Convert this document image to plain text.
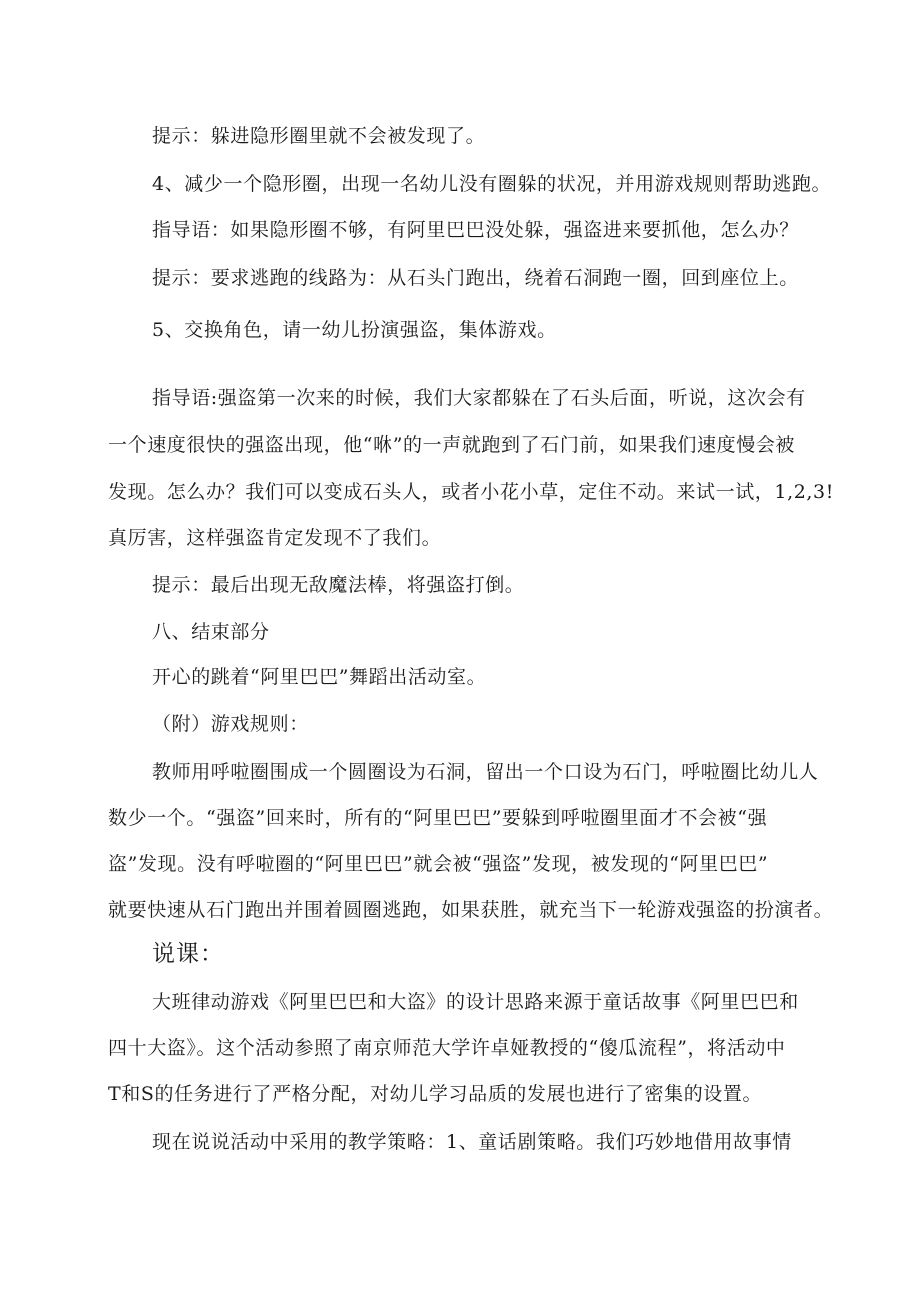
提示：躲进隐形圈里就不会被发现了。
4、减少一个隐形圈，出现一名幼儿没有圈躲的状况，并用游戏规则帮助逃跑。
指导语：如果隐形圈不够，有阿里巴巴没处躲，强盗进来要抓他，怎么办？
提示：要求逃跑的线路为：从石头门跑出，绕着石洞跑一圈，回到座位上。
5、交换角色，请一幼儿扮演强盗，集体游戏。
指导语:强盗第一次来的时候，我们大家都躲在了石头后面，听说，这次会有
一个速度很快的强盗出现，他“咻”的一声就跑到了石门前，如果我们速度慢会被
发现。怎么办？我们可以变成石头人，或者小花小草，定住不动。来试一试，1,2,3!
真厉害，这样强盗肯定发现不了我们。
提示：最后出现无敌魔法棒，将强盗打倒。
八、结束部分
开心的跳着“阿里巴巴”舞蹈出活动室。
（附）游戏规则：
教师用呼啦圈围成一个圆圈设为石洞，留出一个口设为石门，呼啦圈比幼儿人
数少一个。“强盗”回来时，所有的“阿里巴巴”要躲到呼啦圈里面才不会被“强
盗”发现。没有呼啦圈的“阿里巴巴”就会被“强盗”发现，被发现的“阿里巴巴”
就要快速从石门跑出并围着圆圈逃跑，如果获胜，就充当下一轮游戏强盗的扮演者。
说课：
大班律动游戏《阿里巴巴和大盗》的设计思路来源于童话故事《阿里巴巴和
四十大盗》。这个活动参照了南京师范大学许卓娅教授的“傻瓜流程”，将活动中
T和S的任务进行了严格分配，对幼儿学习品质的发展也进行了密集的设置。
现在说说活动中采用的教学策略：1、童话剧策略。我们巧妙地借用故事情
